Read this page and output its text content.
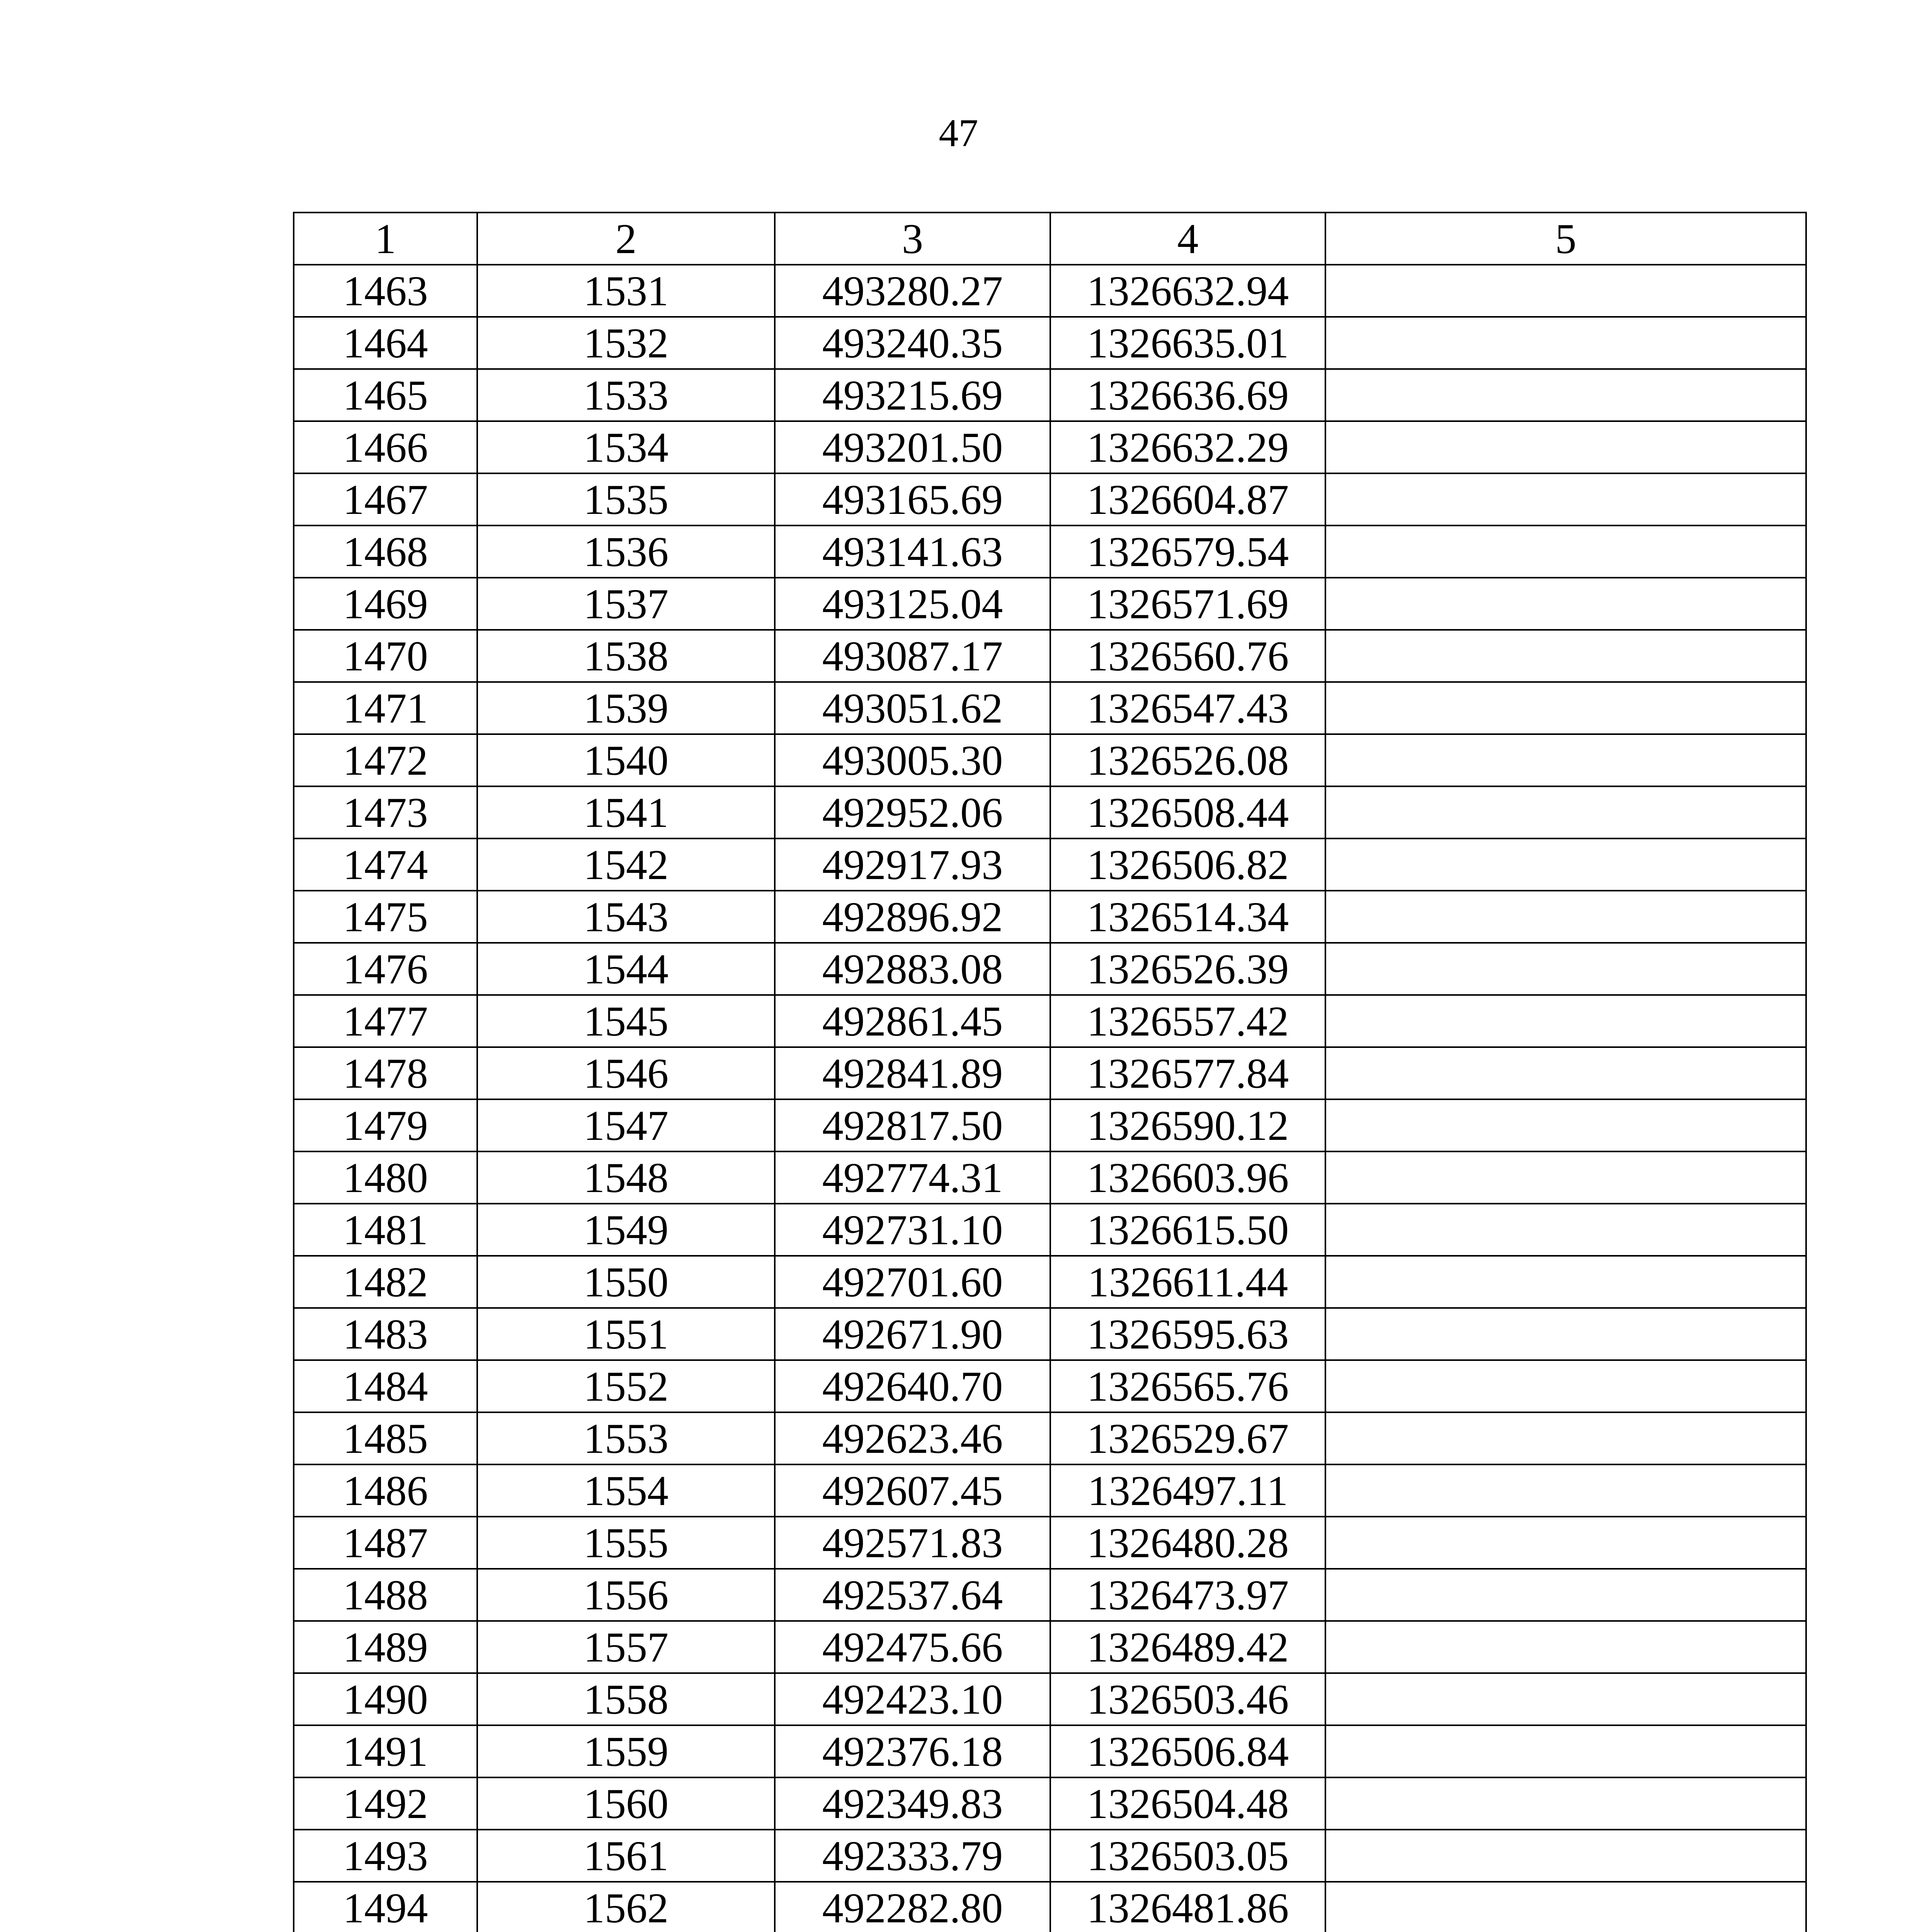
47
1	2	3	4	5
1463	1531	493280.27	1326632.94	
1464	1532	493240.35	1326635.01	
1465	1533	493215.69	1326636.69	
1466	1534	493201.50	1326632.29	
1467	1535	493165.69	1326604.87	
1468	1536	493141.63	1326579.54	
1469	1537	493125.04	1326571.69	
1470	1538	493087.17	1326560.76	
1471	1539	493051.62	1326547.43	
1472	1540	493005.30	1326526.08	
1473	1541	492952.06	1326508.44	
1474	1542	492917.93	1326506.82	
1475	1543	492896.92	1326514.34	
1476	1544	492883.08	1326526.39	
1477	1545	492861.45	1326557.42	
1478	1546	492841.89	1326577.84	
1479	1547	492817.50	1326590.12	
1480	1548	492774.31	1326603.96	
1481	1549	492731.10	1326615.50	
1482	1550	492701.60	1326611.44	
1483	1551	492671.90	1326595.63	
1484	1552	492640.70	1326565.76	
1485	1553	492623.46	1326529.67	
1486	1554	492607.45	1326497.11	
1487	1555	492571.83	1326480.28	
1488	1556	492537.64	1326473.97	
1489	1557	492475.66	1326489.42	
1490	1558	492423.10	1326503.46	
1491	1559	492376.18	1326506.84	
1492	1560	492349.83	1326504.48	
1493	1561	492333.79	1326503.05	
1494	1562	492282.80	1326481.86	
